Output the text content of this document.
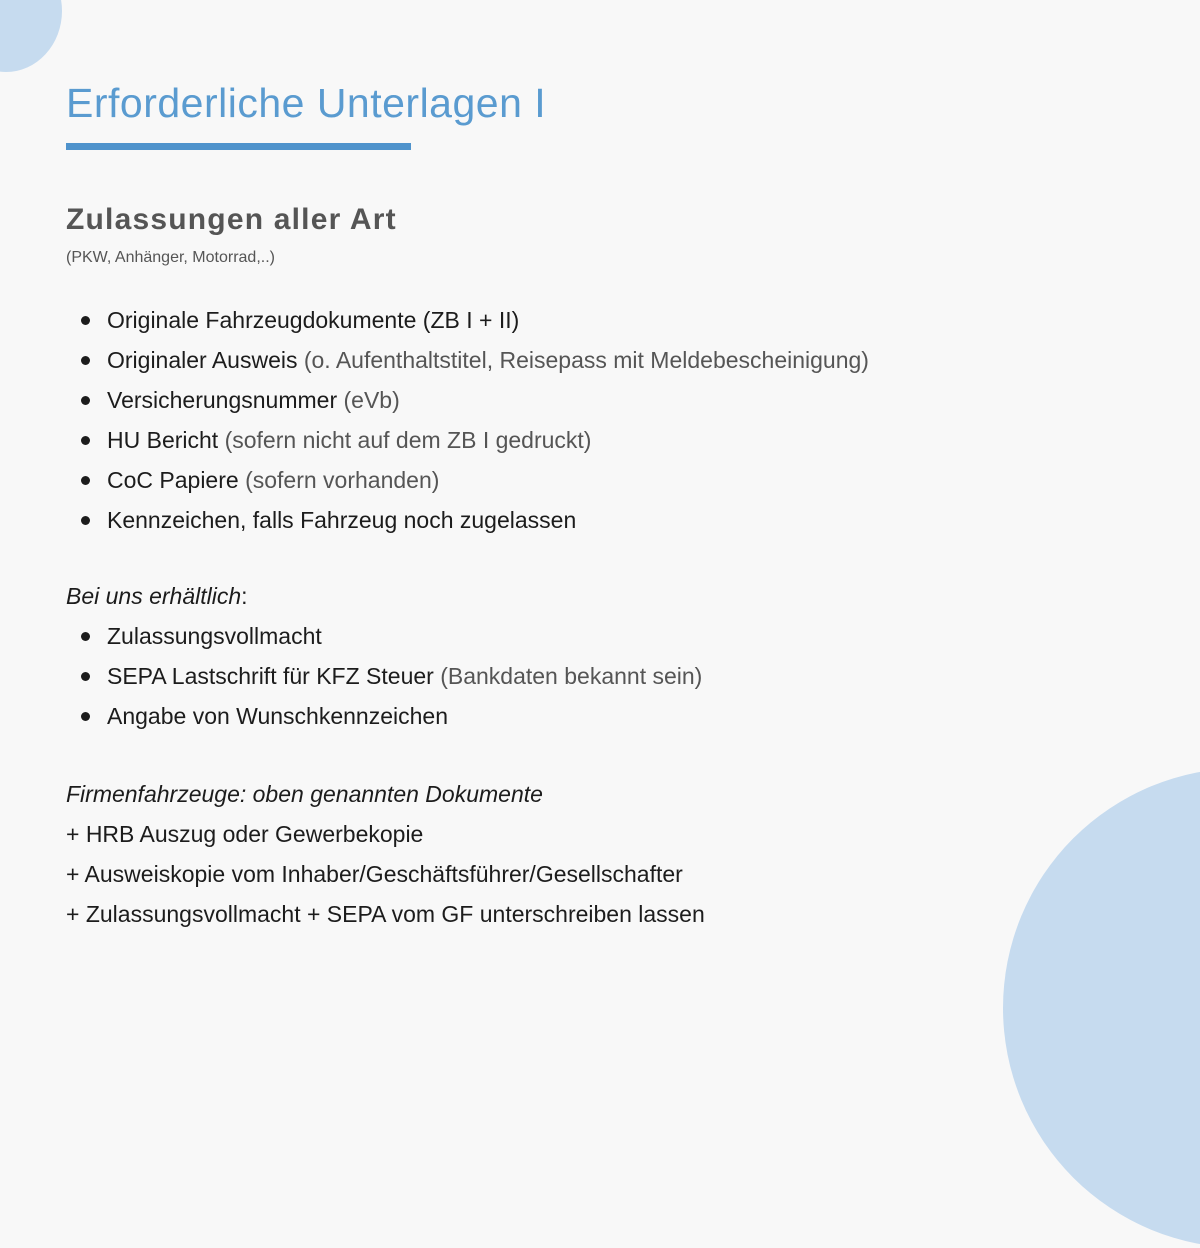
Erforderliche Unterlagen I
Zulassungen aller Art
(PKW, Anhänger, Motorrad,..)
Originale Fahrzeugdokumente (ZB I + II)
Originaler Ausweis (o. Aufenthaltstitel, Reisepass mit Meldebescheinigung)
Versicherungsnummer (eVb)
HU Bericht (sofern nicht auf dem ZB I gedruckt)
CoC Papiere (sofern vorhanden)
Kennzeichen, falls Fahrzeug noch zugelassen
Bei uns erhältlich:
Zulassungsvollmacht
SEPA Lastschrift für KFZ Steuer (Bankdaten bekannt sein)
Angabe von Wunschkennzeichen
Firmenfahrzeuge: oben genannten Dokumente
+ HRB Auszug oder Gewerbekopie
+ Ausweiskopie vom Inhaber/Geschäftsführer/Gesellschafter
+ Zulassungsvollmacht + SEPA vom GF unterschreiben lassen
